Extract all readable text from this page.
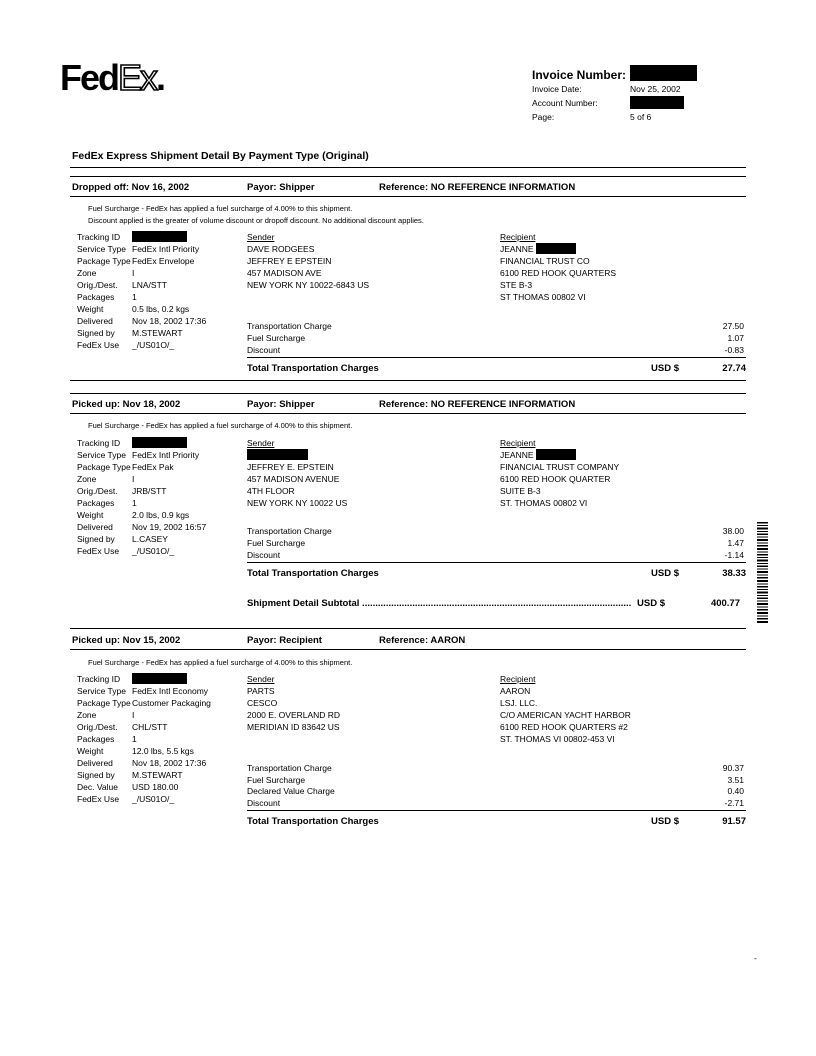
FedEx.	Invoice Number:
Invoice Date:	Nov 25, 2002
Account Number:
Page:	5 of 6
FedEx Express Shipment Detail By Payment Type (Original)
Dropped off: Nov 16, 2002	Payor: Shipper	Reference: NO REFERENCE INFORMATION
Fuel Surcharge - FedEx has applied a fuel surcharge of 4.00% to this shipment.
Discount applied is the greater of volume discount or dropoff discount. No additional discount applies.
Tracking ID
Service Type FedEx Intl Priority
Package Type FedEx Envelope
Zone	I
Orig./Dest. LNA/STT
Packages 1
Weight	0.5 lbs, 0.2 kgs
Delivered Nov 18, 2002 17:36
Signed by M.STEWART
FedEx Use _/US01O/_
Sender
DAVE RODGEES
JEFFREY E EPSTEIN
457 MADISON AVE
NEW YORK NY 10022-6843 US
Recipient
JEANNE
FINANCIAL TRUST CO
6100 RED HOOK QUARTERS
STE B-3
ST THOMAS 00802 VI
Transportation Charge	27.50
Fuel Surcharge	1.07
Discount	-0.83
Total Transportation Charges	USD $	27.74
Picked up: Nov 18, 2002	Payor: Shipper	Reference: NO REFERENCE INFORMATION
Fuel Surcharge - FedEx has applied a fuel surcharge of 4.00% to this shipment.
Tracking ID
Service Type FedEx Intl Priority
Package Type FedEx Pak
Zone	I
Orig./Dest. JRB/STT
Packages 1
Weight	2.0 lbs, 0.9 kgs
Delivered Nov 19, 2002 16:57
Signed by L.CASEY
FedEx Use _/US01O/_
Sender
JEFFREY E. EPSTEIN
457 MADISON AVENUE
4TH FLOOR
NEW YORK NY 10022 US
Recipient
JEANNE
FINANCIAL TRUST COMPANY
6100 RED HOOK QUARTER
SUITE B-3
ST. THOMAS 00802 VI
Transportation Charge	38.00
Fuel Surcharge	1.47
Discount	-1.14
Total Transportation Charges	USD $	38.33
Shipment Detail Subtotal ...................................................................................................... USD $	400.77
Picked up: Nov 15, 2002	Payor: Recipient	Reference: AARON
Fuel Surcharge - FedEx has applied a fuel surcharge of 4.00% to this shipment.
Tracking ID
Service Type FedEx Intl Economy
Package Type Customer Packaging
Zone	I
Orig./Dest. CHL/STT
Packages 1
Weight	12.0 lbs, 5.5 kgs
Delivered Nov 18, 2002 17:36
Signed by M.STEWART
Dec. Value USD 180.00
FedEx Use _/US01O/_
Sender
PARTS
CESCO
2000 E. OVERLAND RD
MERIDIAN ID 83642 US
Recipient
AARON
LSJ. LLC.
C/O AMERICAN YACHT HARBOR
6100 RED HOOK QUARTERS #2
ST. THOMAS VI 00802-453 VI
Transportation Charge	90.37
Fuel Surcharge	3.51
Declared Value Charge	0.40
Discount	-2.71
Total Transportation Charges	USD $	91.57
-
